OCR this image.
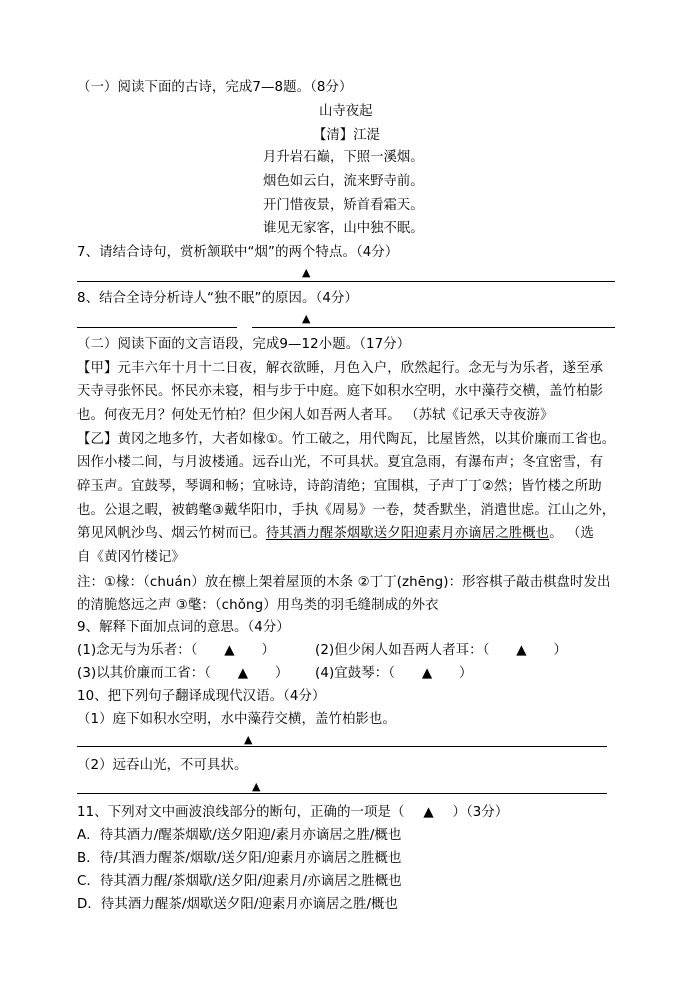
（一）阅读下面的古诗，完成7—8题。（8分）

山寺夜起

【清】江湜

月升岩石巅，下照一溪烟。

烟色如云白，流来野寺前。

开门惜夜景，矫首看霜天。

谁见无家客，山中独不眠。

7、请结合诗句，赏析颔联中“烟”的两个特点。（4分）

▲

8、结合全诗分析诗人“独不眠”的原因。（4分）

▲

（二）阅读下面的文言语段，完成9—12小题。（17分）

【甲】元丰六年十月十二日夜，解衣欲睡，月色入户，欣然起行。念无与为乐者，遂至承

天寺寻张怀民。怀民亦未寝，相与步于中庭。庭下如积水空明，水中藻荇交横，盖竹柏影

也。何夜无月？何处无竹柏？但少闲人如吾两人者耳。 （苏轼《记承天寺夜游》

【乙】黄冈之地多竹，大者如椽①。竹工破之，用代陶瓦，比屋皆然，以其价廉而工省也。

因作小楼二间，与月波楼通。远吞山光，不可具状。夏宜急雨，有瀑布声；冬宜密雪，有

碎玉声。宜鼓琴，琴调和畅；宜咏诗，诗韵清绝；宜围棋，子声丁丁②然；皆竹楼之所助

也。公退之暇，被鹤氅③戴华阳巾，手执《周易》一卷，焚香默坐，消遣世虑。江山之外，

第见风帆沙鸟、烟云竹树而已。待其酒力醒茶烟歇送夕阳迎素月亦谪居之胜概也。 （选

自《黄冈竹楼记》

注：①椽：（chuán）放在檩上架着屋顶的木条 ②丁丁(zhēng)：形容棋子敲击棋盘时发出

的清脆悠远之声 ③氅：（chǒng）用鸟类的羽毛缝制成的外衣

9、解释下面加点词的意思。（4分）

(1)念无与为乐者：（ ▲ ）	(2)但少闲人如吾两人者耳：（ ▲ ）

(3)以其价廉而工省：（ ▲ ） (4)宜鼓琴：（ ▲ ）

10、把下列句子翻译成现代汉语。（4分）

（1）庭下如积水空明，水中藻荇交横，盖竹柏影也。

▲

（2）远吞山光，不可具状。

▲

11、下列对文中画波浪线部分的断句，正确的一项是（ ▲ ）（3分）

A．待其酒力/醒茶烟歇/送夕阳迎/素月亦谪居之胜/概也

B．待/其酒力醒茶/烟歇/送夕阳/迎素月亦谪居之胜概也

C．待其酒力醒/茶烟歇/送夕阳/迎素月/亦谪居之胜概也

D．待其酒力醒茶/烟歇送夕阳/迎素月亦谪居之胜/概也
